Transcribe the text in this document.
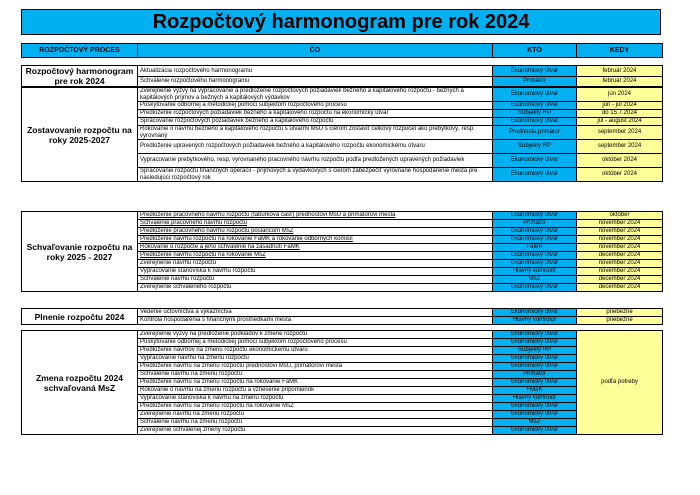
Rozpočtový harmonogram pre rok 2024
ROZPOČTOVÝ PROCES	ČO	KTO	KEDY
Rozpočtový harmonogram pre rok 2024	Aktualizácia rozpočtového harmonogramu	Ekonomický útvar	február 2024
	Schválenie rozpočtového harmonogramu	Primátor	február 2024
Zostavovanie rozpočtu na roky 2025-2027	Zverejnenie výzvy na vypracovanie a predloženie rozpočtových požiadaviek bežného a kapitálového rozpočtu - bežných a kapitálových príjmov a bežných a kapitálových výdavkov	Ekonomický útvar	jún 2024
	Poskytovanie odbornej a metodickej pomoci subjektom rozpočtového procesu	Ekonomický útvar	jún - júl 2024
	Predloženie rozpočtových požiadaviek bežného a kapitálového rozpočtu na ekonomický útvar	Subjekty RP	do 15.7.2024
	Spracovanie rozpočtových požiadaviek bežného a kapitálového rozpočtu	Ekonomický útvar	júl - august 2024
	Rokovanie o návrhu bežného a kapitálového rozpočtu s útvarmi MsÚ s cieľom zostaviť celkový rozpočet ako prebytkový, resp. vyrovnaný	Prednosta,primátor	september 2024
	Predloženie upravených rozpočtových požiadaviek bežného a kapitálového rozpočtu ekonomickému útvaru	Subjekty RP	september 2024
	Vypracovanie prebytkového, resp. vyrovnaného pracovného návrhu rozpočtu podľa predložených upravených požiadaviek	Ekonomický útvar	október 2024
	Spracovanie rozpočtu finančných operácií - príjmových a výdavkových s cieľom zabezpečiť vyrovnané hospodárenie mesta pre nasledujúci rozpočtový rok	Ekonomický útvar	október 2024
Schvaľovanie rozpočtu na roky 2025 - 2027	Predloženie pracovného návrhu rozpočtu (tabuľková časť) prednostovi MsÚ a primátorovi mesta	Ekonomický útvar	október
	Schválenie pracovného návrhu rozpočtu	Primátor	november 2024
	Predloženie pracovného návrhu rozpočtu poslancom MsZ	Ekonomický útvar	november 2024
	Predloženie návrhu rozpočtu na rokovanie FaMK a rokovanie odborných komisií	Ekonomický útvar	november 2024
	Rokovanie o rozpočte a jeho schválenie na zasadnutí FaMK	FaMK	november 2024
	Predloženie návrhu rozpočtu na rokovanie MsZ	Ekonomický útvar	december 2024
	Zverejnenie návrhu rozpočtu	Ekonomický útvar	november 2024
	Vypracovanie stanoviska k návrhu rozpočtu	Hlavný kontrolór	november 2024
	Schválenie návrhu rozpočtu	MsZ	december 2024
	Zverejnenie schváleného rozpočtu	Ekonomický útvar	december 2024
Plnenie rozpočtu 2024	Vedenie účtovníctva a výkazníctva	Ekonomický útvar	priebežne
	Kontrola hospodárenia s finančnými prostriedkami mesta	Hlavný kontrolór	priebežne
Zmena rozpočtu 2024 schvaľovaná MsZ	Zverejnenie výzvy na predloženie podkladov k zmene rozpočtu	Ekonomický útvar	podľa potreby
	Poskytovanie odbornej a metodickej pomoci subjektom rozpočtového procesu	Ekonomický útvar	
	Predloženie návrhov na zmenu rozpočtu ekonomickému útvaru	Subjekty RP	
	Vypracovanie návrhu na zmenu rozpočtu	Ekonomický útvar	
	Predloženie návrhu na zmenu rozpočtu prednostovi MsÚ, primátorovi mesta	Ekonomický útvar	
	Schválenie návrhu na zmenu rozpočtu	Primátor	
	Predloženie návrhu na zmenu rozpočtu na rokovanie FaMK	Ekonomický útvar	
	Rokovanie o návrhu na zmenu rozpočtu a vznesenie pripomienok	FMaK	
	Vypracovanie stanoviska k návrhu na zmenu rozpočtu	Hlavný kontrolór	
	Predloženie návrhu na zmenu rozpočtu na rokovanie MsZ	Ekonomický útvar	
	Zverejnenie návrhu na zmenu rozpočtu	Ekonomický útvar	
	Schválenie návrhu na zmenu rozpočtu	MsZ	
	Zverejnenie schválenej zmeny rozpočtu	Ekonomický útvar	
